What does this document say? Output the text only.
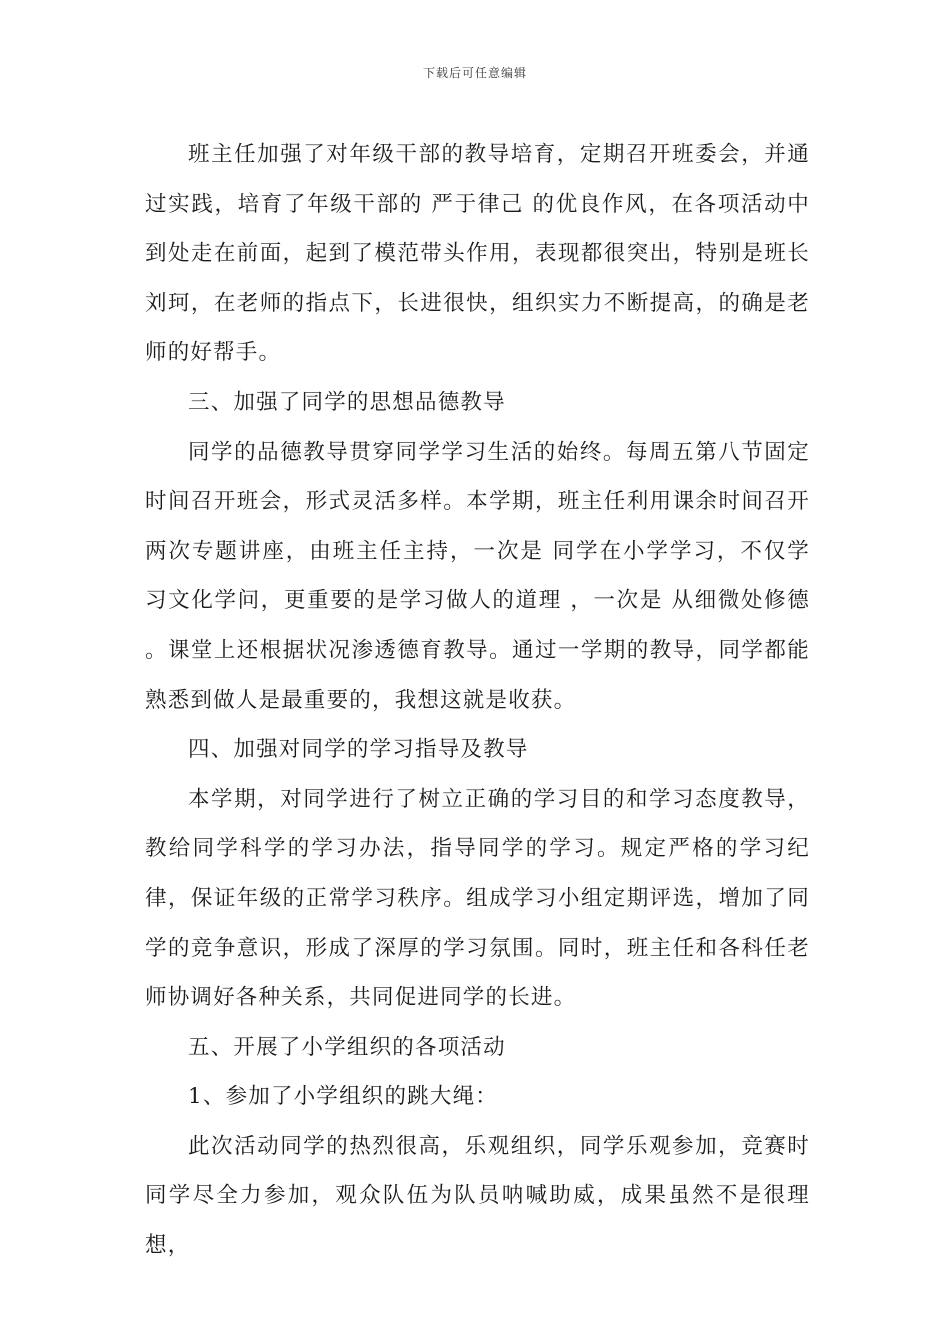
下载后可任意编辑

班主任加强了对年级干部的教导培育，定期召开班委会，并通过实践，培育了年级干部的 严于律己 的优良作风，在各项活动中到处走在前面，起到了模范带头作用，表现都很突出，特别是班长刘珂，在老师的指点下，长进很快，组织实力不断提高，的确是老师的好帮手。

三、加强了同学的思想品德教导

同学的品德教导贯穿同学学习生活的始终。每周五第八节固定时间召开班会，形式灵活多样。本学期，班主任利用课余时间召开两次专题讲座，由班主任主持，一次是 同学在小学学习，不仅学习文化学问，更重要的是学习做人的道理 ，一次是 从细微处修德 。课堂上还根据状况渗透德育教导。通过一学期的教导，同学都能熟悉到做人是最重要的，我想这就是收获。

四、加强对同学的学习指导及教导

本学期，对同学进行了树立正确的学习目的和学习态度教导，教给同学科学的学习办法，指导同学的学习。规定严格的学习纪律，保证年级的正常学习秩序。组成学习小组定期评选，增加了同学的竞争意识，形成了深厚的学习氛围。同时，班主任和各科任老师协调好各种关系，共同促进同学的长进。

五、开展了小学组织的各项活动

1、参加了小学组织的跳大绳：

此次活动同学的热烈很高，乐观组织，同学乐观参加，竞赛时同学尽全力参加，观众队伍为队员呐喊助威，成果虽然不是很理想，
